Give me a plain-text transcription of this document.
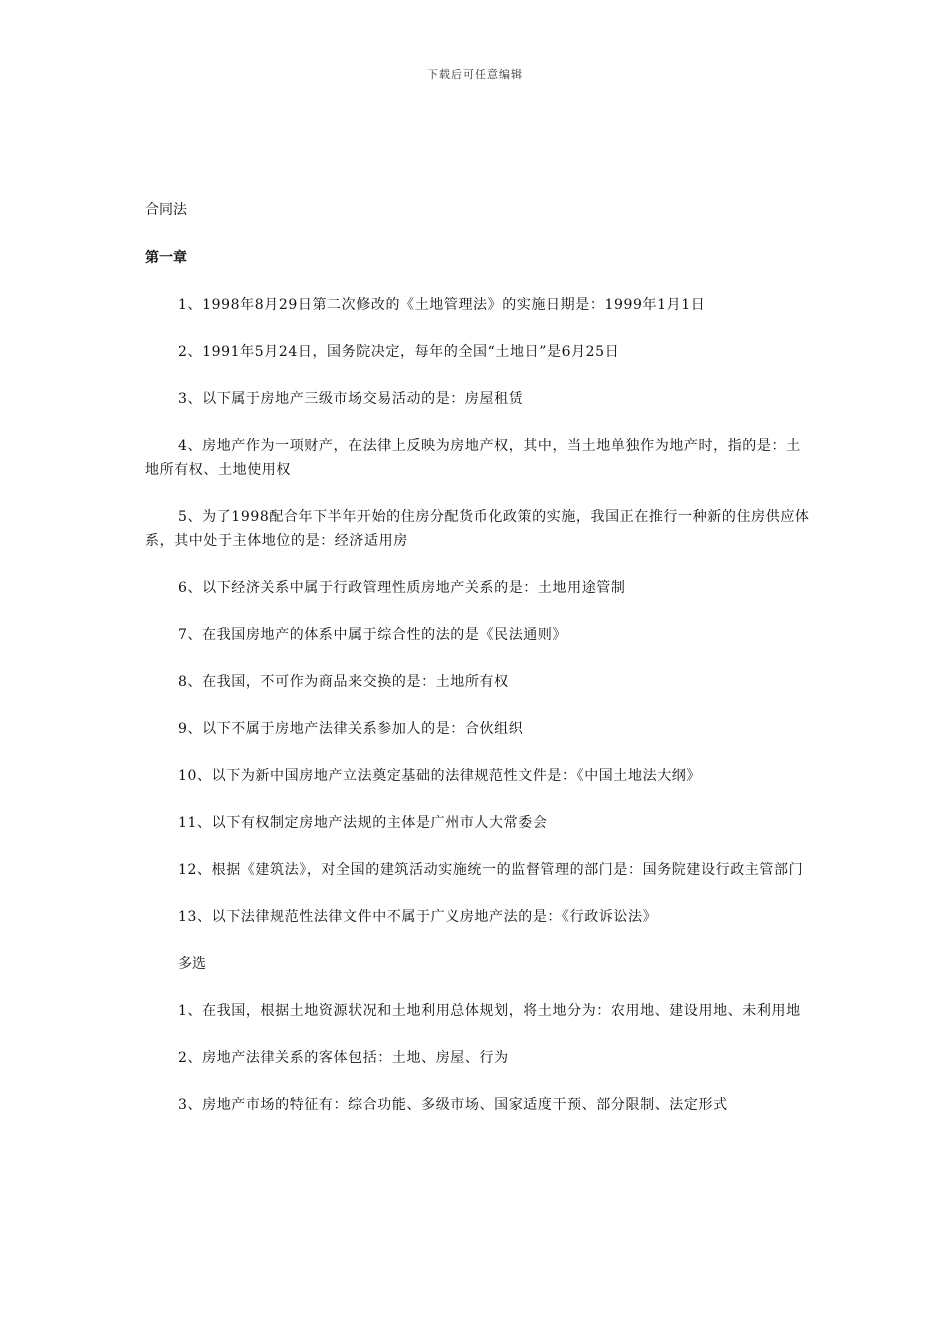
下载后可任意编辑
合同法
第一章
1、1998年8月29日第二次修改的《土地管理法》的实施日期是：1999年1月1日
2、1991年5月24日，国务院决定，每年的全国“土地日”是6月25日
3、以下属于房地产三级市场交易活动的是：房屋租赁
4、房地产作为一项财产，在法律上反映为房地产权，其中，当土地单独作为地产时，指的是：土地所有权、土地使用权
5、为了1998配合年下半年开始的住房分配货币化政策的实施，我国正在推行一种新的住房供应体系，其中处于主体地位的是：经济适用房
6、以下经济关系中属于行政管理性质房地产关系的是：土地用途管制
7、在我国房地产的体系中属于综合性的法的是《民法通则》
8、在我国，不可作为商品来交换的是：土地所有权
9、以下不属于房地产法律关系参加人的是：合伙组织
10、以下为新中国房地产立法奠定基础的法律规范性文件是：《中国土地法大纲》
11、以下有权制定房地产法规的主体是广州市人大常委会
12、根据《建筑法》，对全国的建筑活动实施统一的监督管理的部门是：国务院建设行政主管部门
13、以下法律规范性法律文件中不属于广义房地产法的是：《行政诉讼法》
多选
1、在我国，根据土地资源状况和土地利用总体规划，将土地分为：农用地、建设用地、未利用地
2、房地产法律关系的客体包括：土地、房屋、行为
3、房地产市场的特征有：综合功能、多级市场、国家适度干预、部分限制、法定形式
